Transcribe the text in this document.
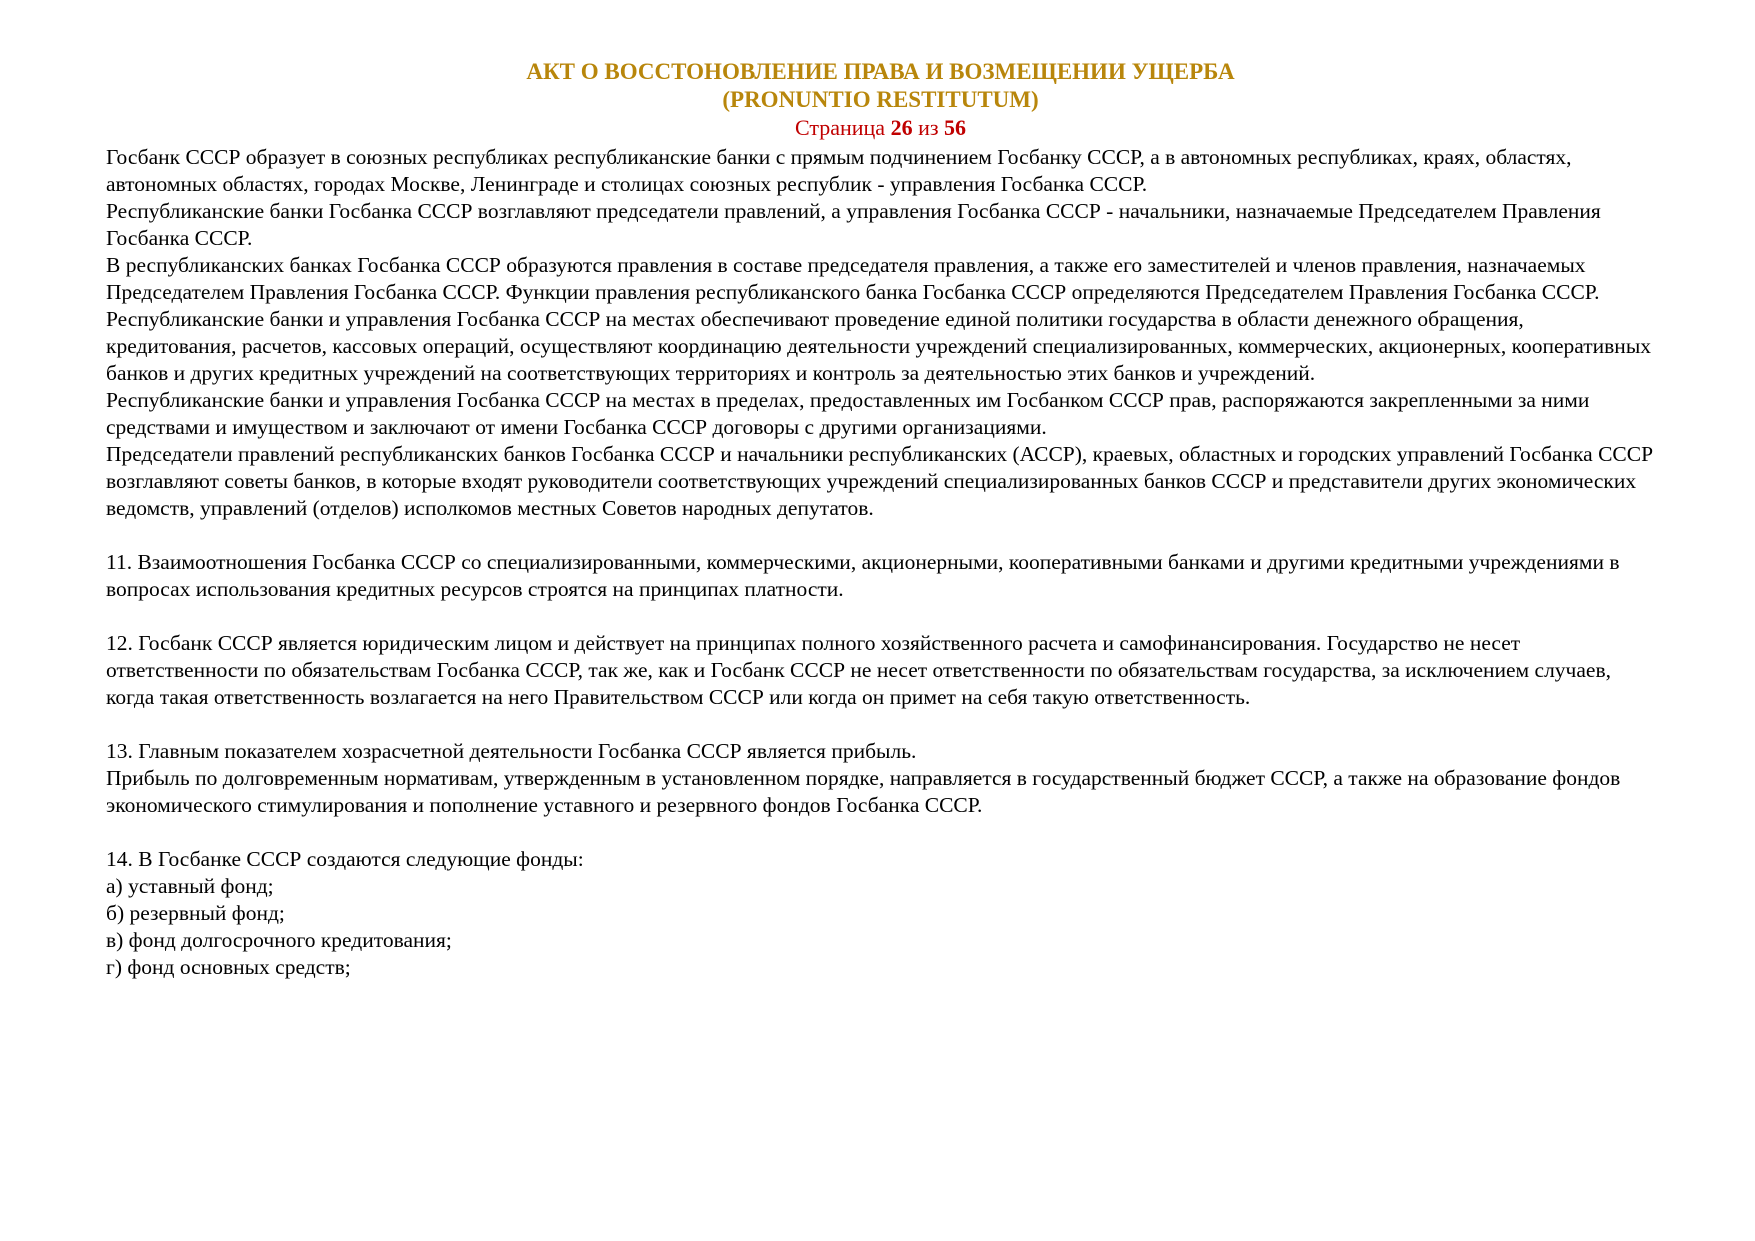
АКТ О ВОССТОНОВЛЕНИЕ ПРАВА И ВОЗМЕЩЕНИИ УЩЕРБА
(PRONUNTIO RESTITUTUM)
Страница 26 из 56

Госбанк СССР образует в союзных республиках республиканские банки с прямым подчинением Госбанку СССР, а в автономных республиках, краях, областях, автономных областях, городах Москве, Ленинграде и столицах союзных республик - управления Госбанка СССР.

Республиканские банки Госбанка СССР возглавляют председатели правлений, а управления Госбанка СССР - начальники, назначаемые Председателем Правления Госбанка СССР.

В республиканских банках Госбанка СССР образуются правления в составе председателя правления, а также его заместителей и членов правления, назначаемых Председателем Правления Госбанка СССР. Функции правления республиканского банка Госбанка СССР определяются Председателем Правления Госбанка СССР.

Республиканские банки и управления Госбанка СССР на местах обеспечивают проведение единой политики государства в области денежного обращения, кредитования, расчетов, кассовых операций, осуществляют координацию деятельности учреждений специализированных, коммерческих, акционерных, кооперативных банков и других кредитных учреждений на соответствующих территориях и контроль за деятельностью этих банков и учреждений.

Республиканские банки и управления Госбанка СССР на местах в пределах, предоставленных им Госбанком СССР прав, распоряжаются закрепленными за ними средствами и имуществом и заключают от имени Госбанка СССР договоры с другими организациями.

Председатели правлений республиканских банков Госбанка СССР и начальники республиканских (АССР), краевых, областных и городских управлений Госбанка СССР возглавляют советы банков, в которые входят руководители соответствующих учреждений специализированных банков СССР и представители других экономических ведомств, управлений (отделов) исполкомов местных Советов народных депутатов.

11. Взаимоотношения Госбанка СССР со специализированными, коммерческими, акционерными, кооперативными банками и другими кредитными учреждениями в вопросах использования кредитных ресурсов строятся на принципах платности.

12. Госбанк СССР является юридическим лицом и действует на принципах полного хозяйственного расчета и самофинансирования. Государство не несет ответственности по обязательствам Госбанка СССР, так же, как и Госбанк СССР не несет ответственности по обязательствам государства, за исключением случаев, когда такая ответственность возлагается на него Правительством СССР или когда он примет на себя такую ответственность.

13. Главным показателем хозрасчетной деятельности Госбанка СССР является прибыль.

Прибыль по долговременным нормативам, утвержденным в установленном порядке, направляется в государственный бюджет СССР, а также на образование фондов экономического стимулирования и пополнение уставного и резервного фондов Госбанка СССР.

14. В Госбанке СССР создаются следующие фонды:

а) уставный фонд;

б) резервный фонд;

в) фонд долгосрочного кредитования;

г) фонд основных средств;
